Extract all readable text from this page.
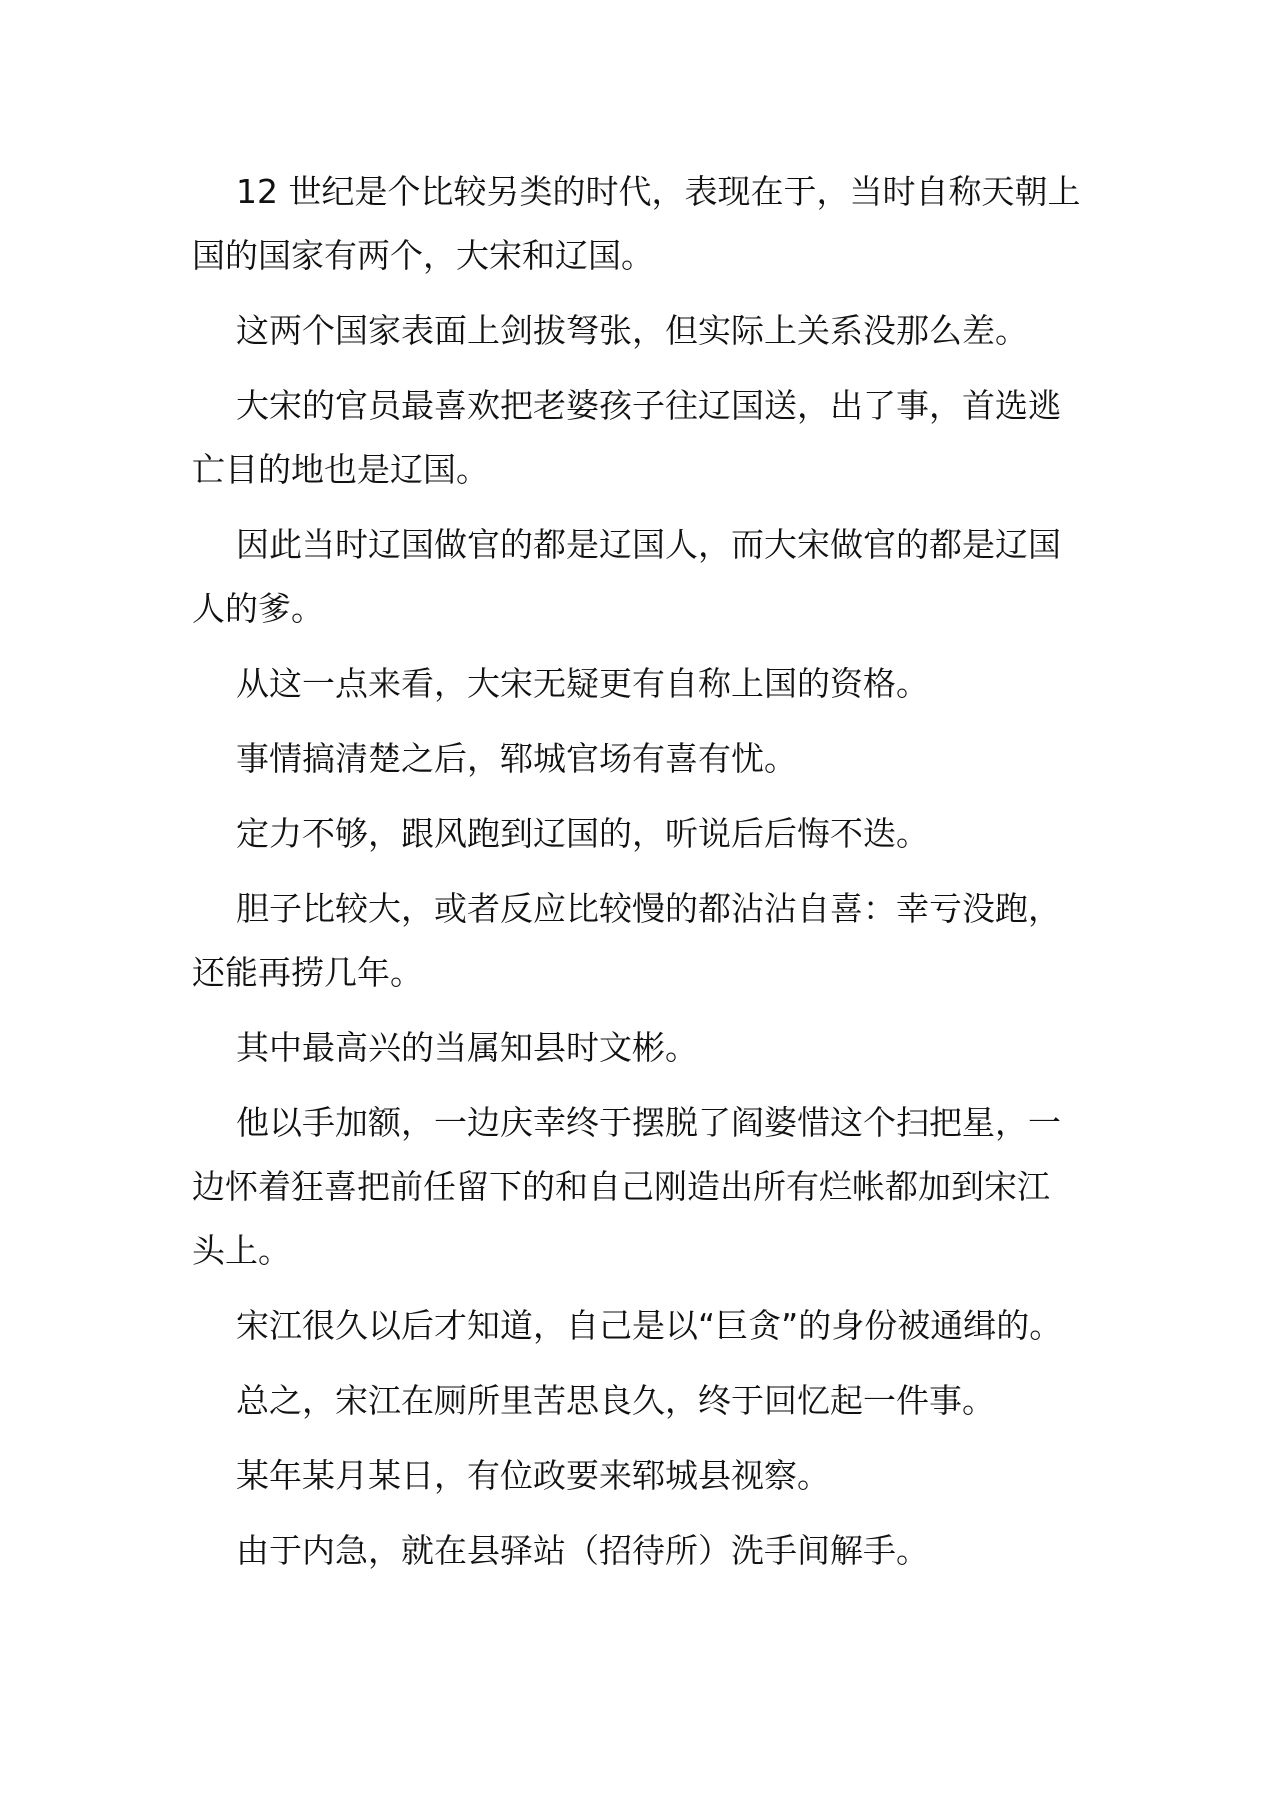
12 世纪是个比较另类的时代，表现在于，当时自称天朝上国的国家有两个，大宋和辽国。

这两个国家表面上剑拔弩张，但实际上关系没那么差。

大宋的官员最喜欢把老婆孩子往辽国送，出了事，首选逃亡目的地也是辽国。

因此当时辽国做官的都是辽国人，而大宋做官的都是辽国人的爹。

从这一点来看，大宋无疑更有自称上国的资格。

事情搞清楚之后，郓城官场有喜有忧。

定力不够，跟风跑到辽国的，听说后后悔不迭。

胆子比较大，或者反应比较慢的都沾沾自喜：幸亏没跑，还能再捞几年。

其中最高兴的当属知县时文彬。

他以手加额，一边庆幸终于摆脱了阎婆惜这个扫把星，一边怀着狂喜把前任留下的和自己刚造出所有烂帐都加到宋江头上。

宋江很久以后才知道，自己是以“巨贪”的身份被通缉的。

总之，宋江在厕所里苦思良久，终于回忆起一件事。

某年某月某日，有位政要来郓城县视察。

由于内急，就在县驿站（招待所）洗手间解手。
